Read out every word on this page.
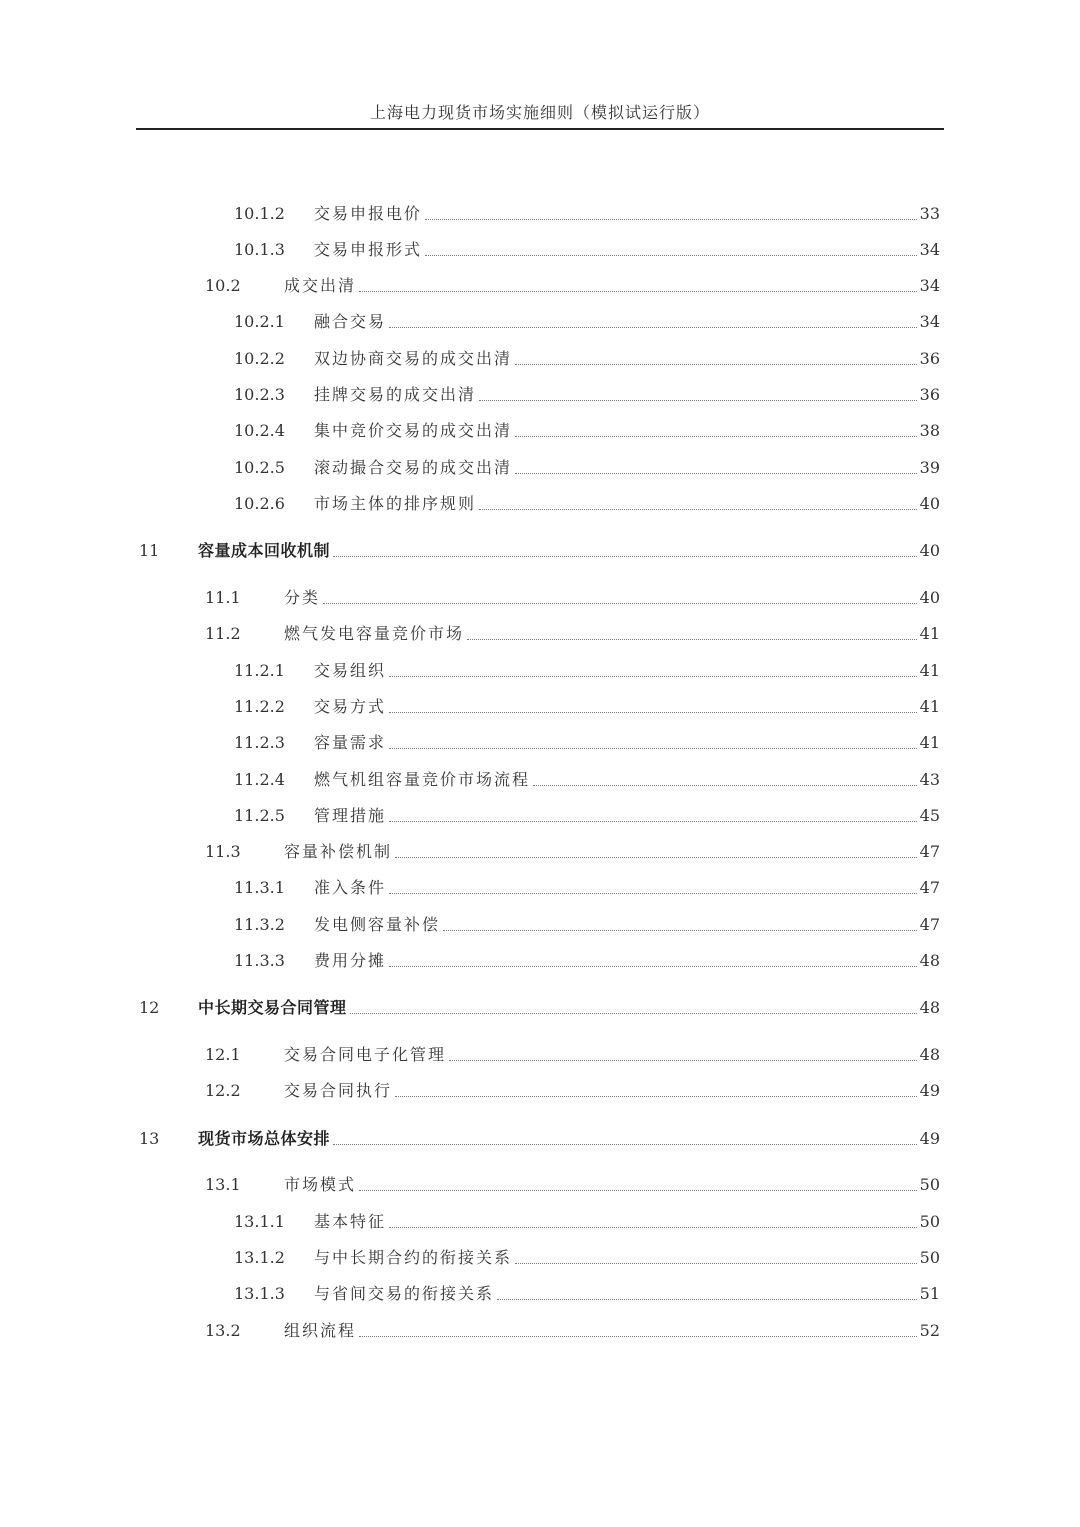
上海电力现货市场实施细则（模拟试运行版）
10.1.2	交易申报电价	33
10.1.3	交易申报形式	34
10.2	成交出清	34
10.2.1	融合交易	34
10.2.2	双边协商交易的成交出清	36
10.2.3	挂牌交易的成交出清	36
10.2.4	集中竞价交易的成交出清	38
10.2.5	滚动撮合交易的成交出清	39
10.2.6	市场主体的排序规则	40
11	容量成本回收机制	40
11.1	分类	40
11.2	燃气发电容量竞价市场	41
11.2.1	交易组织	41
11.2.2	交易方式	41
11.2.3	容量需求	41
11.2.4	燃气机组容量竞价市场流程	43
11.2.5	管理措施	45
11.3	容量补偿机制	47
11.3.1	准入条件	47
11.3.2	发电侧容量补偿	47
11.3.3	费用分摊	48
12	中长期交易合同管理	48
12.1	交易合同电子化管理	48
12.2	交易合同执行	49
13	现货市场总体安排	49
13.1	市场模式	50
13.1.1	基本特征	50
13.1.2	与中长期合约的衔接关系	50
13.1.3	与省间交易的衔接关系	51
13.2	组织流程	52
